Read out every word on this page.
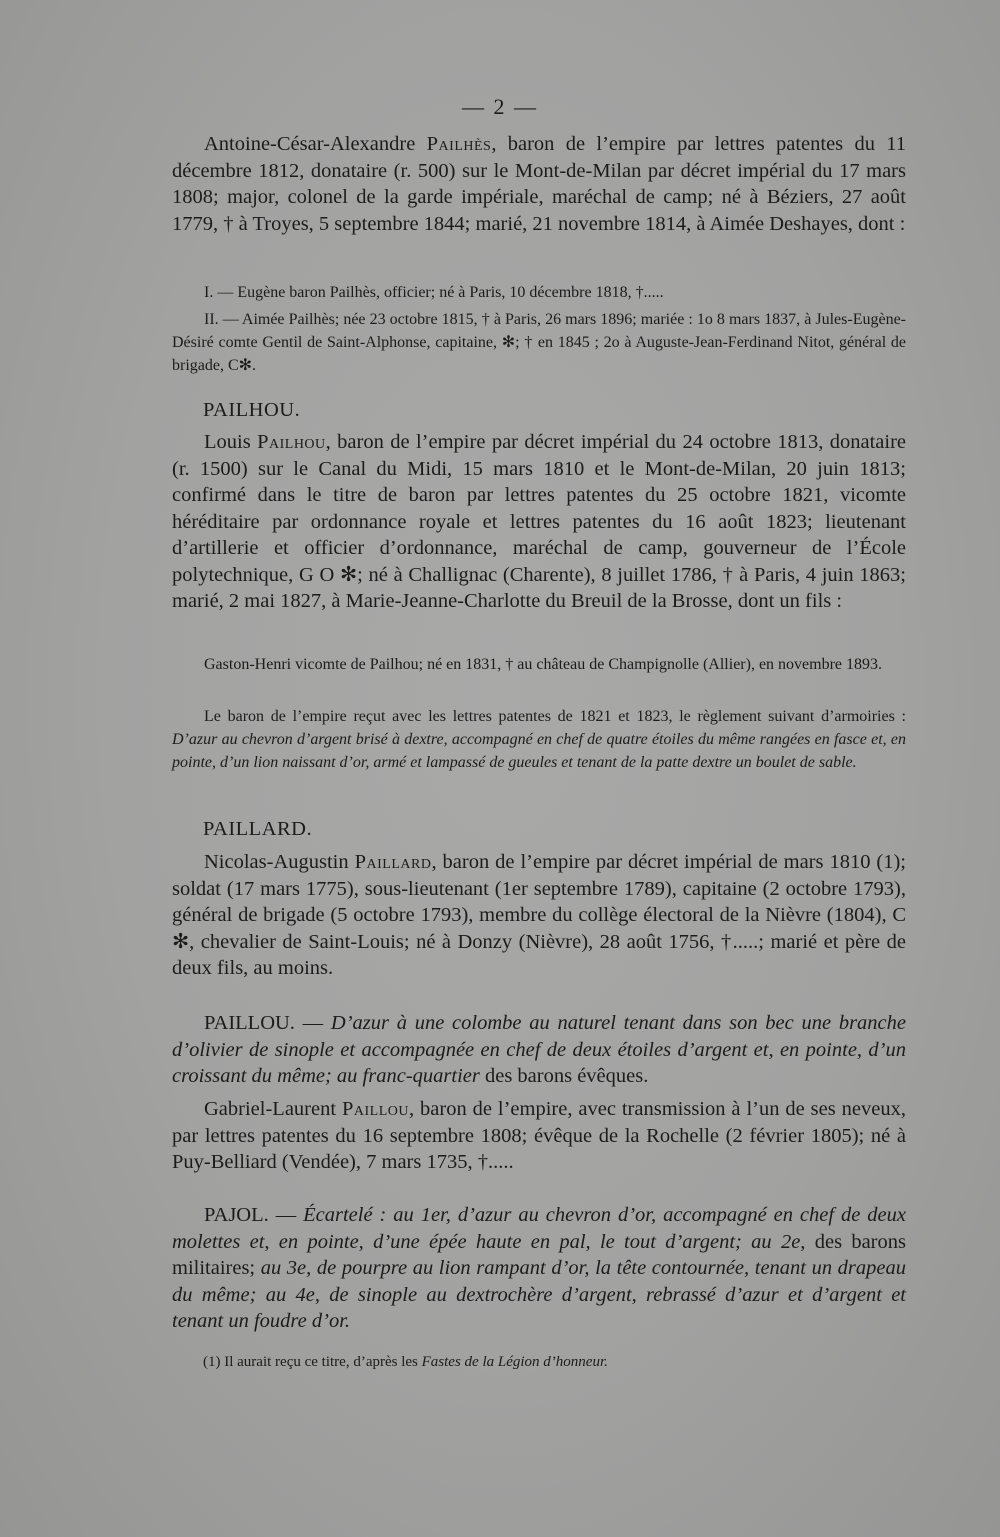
— 2 —

Antoine-César-Alexandre Pailhès, baron de l’empire par lettres patentes du 11 décembre 1812, donataire (r. 500) sur le Mont-de-Milan par décret impérial du 17 mars 1808; major, colonel de la garde impériale, maréchal de camp; né à Béziers, 27 août 1779, † à Troyes, 5 septembre 1844; marié, 21 novembre 1814, à Aimée Deshayes, dont :

I. — Eugène baron Pailhès, officier; né à Paris, 10 décembre 1818, †.....

II. — Aimée Pailhès; née 23 octobre 1815, † à Paris, 26 mars 1896; mariée : 1o 8 mars 1837, à Jules-Eugène-Désiré comte Gentil de Saint-Alphonse, capitaine, ✻; † en 1845 ; 2o à Auguste-Jean-Ferdinand Nitot, général de brigade, C✻.

PAILHOU.

Louis Pailhou, baron de l’empire par décret impérial du 24 octobre 1813, donataire (r. 1500) sur le Canal du Midi, 15 mars 1810 et le Mont-de-Milan, 20 juin 1813; confirmé dans le titre de baron par lettres patentes du 25 octobre 1821, vicomte héréditaire par ordonnance royale et lettres patentes du 16 août 1823; lieutenant d’artillerie et officier d’ordonnance, maréchal de camp, gouverneur de l’École polytechnique, G O ✻; né à Challignac (Charente), 8 juillet 1786, † à Paris, 4 juin 1863; marié, 2 mai 1827, à Marie-Jeanne-Charlotte du Breuil de la Brosse, dont un fils :

Gaston-Henri vicomte de Pailhou; né en 1831, † au château de Champignolle (Allier), en novembre 1893.

Le baron de l’empire reçut avec les lettres patentes de 1821 et 1823, le règlement suivant d’armoiries : D’azur au chevron d’argent brisé à dextre, accompagné en chef de quatre étoiles du même rangées en fasce et, en pointe, d’un lion naissant d’or, armé et lampassé de gueules et tenant de la patte dextre un boulet de sable.

PAILLARD.

Nicolas-Augustin Paillard, baron de l’empire par décret impérial de mars 1810 (1); soldat (17 mars 1775), sous-lieutenant (1er septembre 1789), capitaine (2 octobre 1793), général de brigade (5 octobre 1793), membre du collège électoral de la Nièvre (1804), C ✻, chevalier de Saint-Louis; né à Donzy (Nièvre), 28 août 1756, †.....; marié et père de deux fils, au moins.

PAILLOU. — D’azur à une colombe au naturel tenant dans son bec une branche d’olivier de sinople et accompagnée en chef de deux étoiles d’argent et, en pointe, d’un croissant du même; au franc-quartier des barons évêques.

Gabriel-Laurent Paillou, baron de l’empire, avec transmission à l’un de ses neveux, par lettres patentes du 16 septembre 1808; évêque de la Rochelle (2 février 1805); né à Puy-Belliard (Vendée), 7 mars 1735, †.....

PAJOL. — Écartelé : au 1er, d’azur au chevron d’or, accompagné en chef de deux molettes et, en pointe, d’une épée haute en pal, le tout d’argent; au 2e, des barons militaires; au 3e, de pourpre au lion rampant d’or, la tête contournée, tenant un drapeau du même; au 4e, de sinople au dextrochère d’argent, rebrassé d’azur et d’argent et tenant un foudre d’or.

(1) Il aurait reçu ce titre, d’après les Fastes de la Légion d’honneur.
